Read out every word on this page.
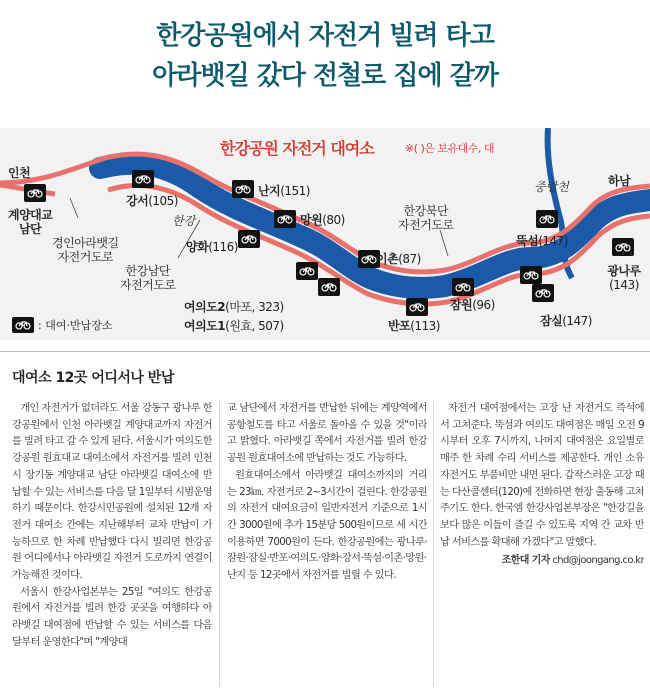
한강공원에서 자전거 빌려 타고
아라뱃길 갔다 전철로 집에 갈까
한강공원 자전거 대여소	※( )은 보유대수, 대
한강
중랑천
인천
하남
계양대교
남단
경인아라뱃길
자전거도로
한강남단
자전거도로
한강북단
자전거도로
강서(105)
난지(151)
망원(80)
양화(116)
이촌(87)
뚝섬(147)
광나루
(143)
여의도2(마포, 323)
여의도1(원효, 507)	반포(113)
잠원(96)
잠실(147)
: 대여·반납장소
대여소 12곳 어디서나 반납

개인 자전거가 없더라도 서울 강동구 광나루 한강공원에서 인천 아라뱃길 계양대교까지 자전거를 빌려 타고 갈 수 있게 된다. 서울시가 여의도한강공원 원효대교 대여소에서 자전거를 빌려 인천시 장기동 계양대교 남단 아라뱃길 대여소에 반납할 수 있는 서비스를 다음 달 1일부터 시범운영하기 때문이다. 한강시민공원에 설치된 12개 자전거 대여소 간에는 지난해부터 교차 반납이 가능하므로 한 차례 반납했다 다시 빌리면 한강공원 어디에서나 아라뱃길 자전거 도로까지 연결이 가능해진 것이다.

서울시 한강사업본부는 25일 "여의도 한강공원에서 자전거를 빌려 한강 곳곳을 여행하다 아라뱃길 대여점에 반납할 수 있는 서비스를 다음 달부터 운영한다"며 "계양대

교 남단에서 자전거를 반납한 뒤에는 계양역에서 공항철도를 타고 서울로 돌아올 수 있을 것"이라고 밝혔다. 아라뱃길 쪽에서 자전거를 빌려 한강공원 원효대여소에 반납하는 것도 가능하다.

원효대여소에서 아라뱃길 대여소까지의 거리는 23㎞. 자전거로 2~3시간이 걸린다. 한강공원의 자전거 대여요금이 일반자전거 기준으로 1시간 3000원에 추가 15분당 500원이므로 세 시간 이용하면 7000원이 든다. 한강공원에는 광나루·잠원·잠실·반포·여의도·양화·강서·뚝섬·이촌·망원·난지 등 12곳에서 자전거를 빌릴 수 있다.

자전거 대여점에서는 고장 난 자전거도 즉석에서 고쳐준다. 뚝섬과 여의도 대여점은 매일 오전 9시부터 오후 7시까지, 나머지 대여점은 요일별로 매주 한 차례 수리 서비스를 제공한다. 개인 소유 자전거도 부품비만 내면 된다. 갑작스러운 고장 때는 다산콜센터(120)에 전화하면 현장 출동해 고쳐주기도 한다. 한국엠 한강사업본부장은 "한강길을 보다 많은 이들이 즐길 수 있도록 지역 간 교차 반납 서비스를 확대해 가겠다"고 말했다.

조한대 기자 chd@joongang.co.kr
